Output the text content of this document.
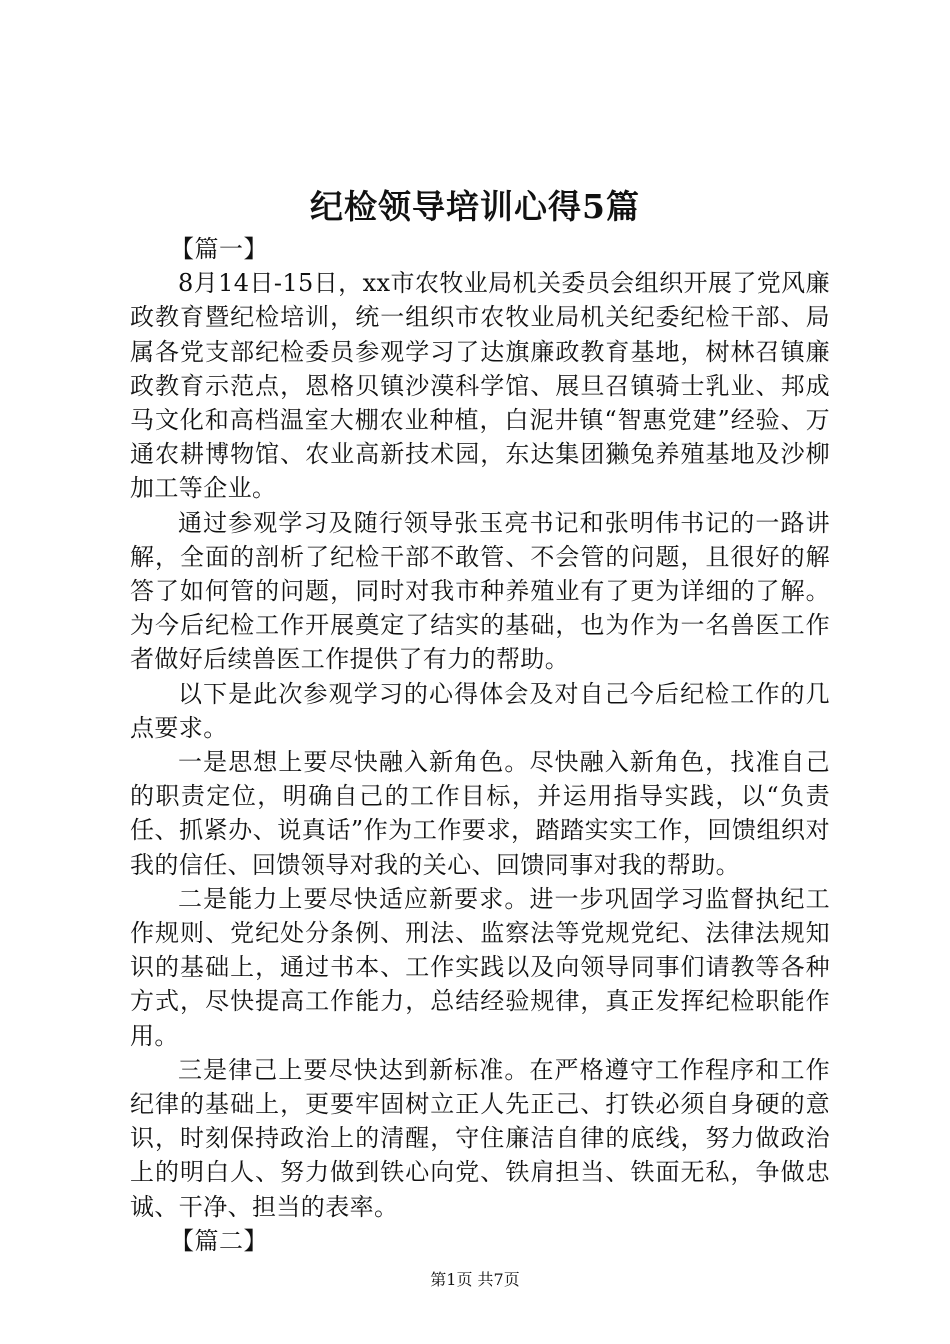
纪检领导培训心得5篇
【篇一】

8月14日-15日，xx市农牧业局机关委员会组织开展了党风廉政教育暨纪检培训，统一组织市农牧业局机关纪委纪检干部、局属各党支部纪检委员参观学习了达旗廉政教育基地，树林召镇廉政教育示范点，恩格贝镇沙漠科学馆、展旦召镇骑士乳业、邦成马文化和高档温室大棚农业种植，白泥井镇“智惠党建”经验、万通农耕博物馆、农业高新技术园，东达集团獭兔养殖基地及沙柳加工等企业。

通过参观学习及随行领导张玉亮书记和张明伟书记的一路讲解，全面的剖析了纪检干部不敢管、不会管的问题，且很好的解答了如何管的问题，同时对我市种养殖业有了更为详细的了解。为今后纪检工作开展奠定了结实的基础，也为作为一名兽医工作者做好后续兽医工作提供了有力的帮助。

以下是此次参观学习的心得体会及对自己今后纪检工作的几点要求。

一是思想上要尽快融入新角色。尽快融入新角色，找准自己的职责定位，明确自己的工作目标，并运用指导实践，以“负责任、抓紧办、说真话”作为工作要求，踏踏实实工作，回馈组织对我的信任、回馈领导对我的关心、回馈同事对我的帮助。

二是能力上要尽快适应新要求。进一步巩固学习监督执纪工作规则、党纪处分条例、刑法、监察法等党规党纪、法律法规知识的基础上，通过书本、工作实践以及向领导同事们请教等各种方式，尽快提高工作能力，总结经验规律，真正发挥纪检职能作用。

三是律己上要尽快达到新标准。在严格遵守工作程序和工作纪律的基础上，更要牢固树立正人先正己、打铁必须自身硬的意识，时刻保持政治上的清醒，守住廉洁自律的底线，努力做政治上的明白人、努力做到铁心向党、铁肩担当、铁面无私，争做忠诚、干净、担当的表率。

【篇二】
第1页 共7页
